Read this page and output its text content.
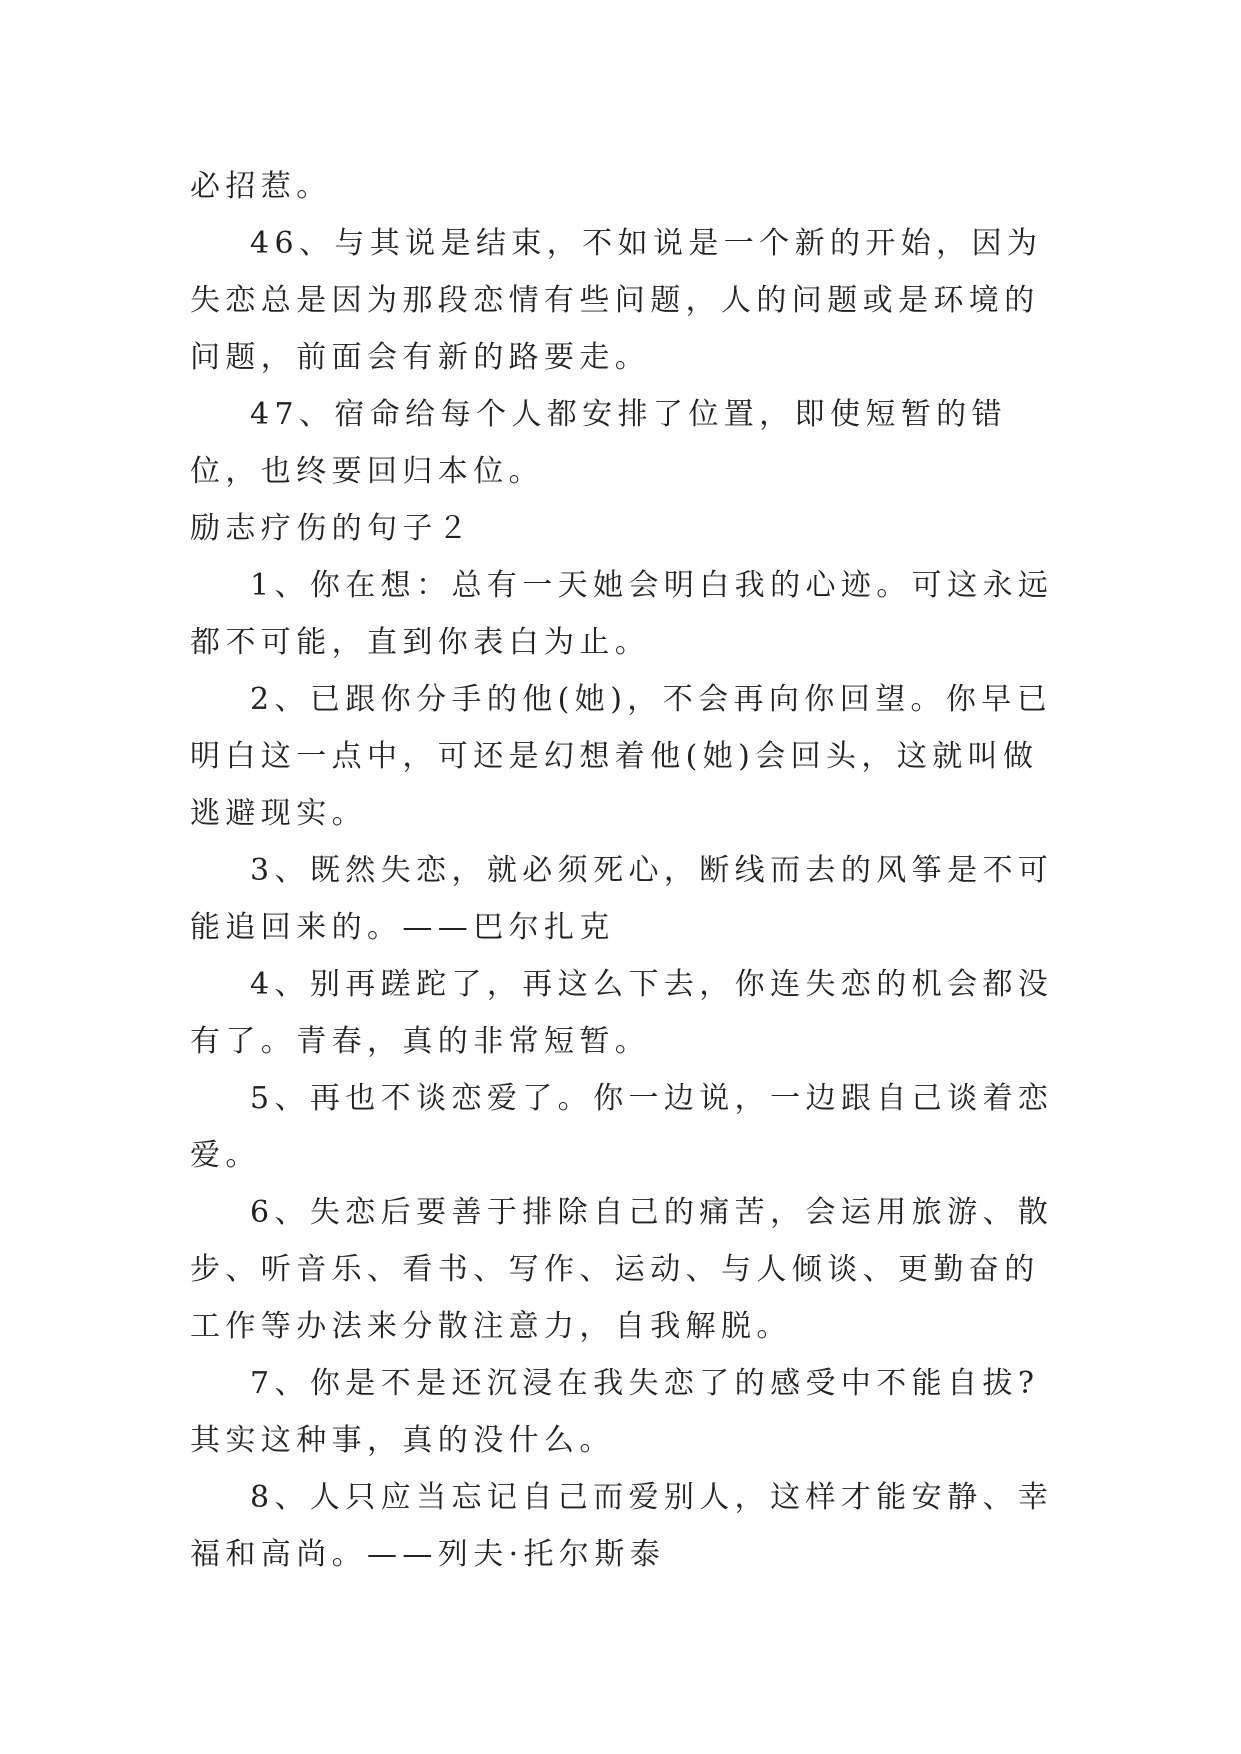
必招惹。

46、与其说是结束，不如说是一个新的开始，因为失恋总是因为那段恋情有些问题，人的问题或是环境的问题，前面会有新的路要走。

47、宿命给每个人都安排了位置，即使短暂的错位，也终要回归本位。

励志疗伤的句子２

1、你在想：总有一天她会明白我的心迹。可这永远都不可能，直到你表白为止。

2、已跟你分手的他(她)，不会再向你回望。你早已明白这一点中，可还是幻想着他(她)会回头，这就叫做逃避现实。

3、既然失恋，就必须死心，断线而去的风筝是不可能追回来的。——巴尔扎克

4、别再蹉跎了，再这么下去，你连失恋的机会都没有了。青春，真的非常短暂。

5、再也不谈恋爱了。你一边说，一边跟自己谈着恋爱。

6、失恋后要善于排除自己的痛苦，会运用旅游、散步、听音乐、看书、写作、运动、与人倾谈、更勤奋的工作等办法来分散注意力，自我解脱。

7、你是不是还沉浸在我失恋了的感受中不能自拔?其实这种事，真的没什么。

8、人只应当忘记自己而爱别人，这样才能安静、幸福和高尚。——列夫·托尔斯泰
